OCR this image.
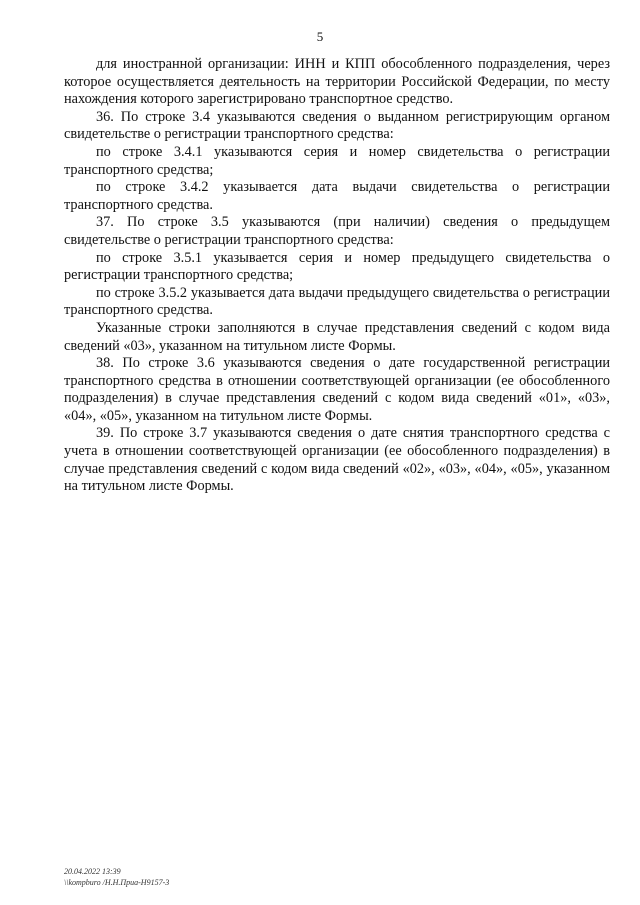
5

для иностранной организации: ИНН и КПП обособленного подразделения, через которое осуществляется деятельность на территории Российской Федерации, по месту нахождения которого зарегистрировано транспортное средство.

36. По строке 3.4 указываются сведения о выданном регистрирующим органом свидетельстве о регистрации транспортного средства:

по строке 3.4.1 указываются серия и номер свидетельства о регистрации транспортного средства;

по строке 3.4.2 указывается дата выдачи свидетельства о регистрации транспортного средства.

37. По строке 3.5 указываются (при наличии) сведения о предыдущем свидетельстве о регистрации транспортного средства:

по строке 3.5.1 указывается серия и номер предыдущего свидетельства о регистрации транспортного средства;

по строке 3.5.2 указывается дата выдачи предыдущего свидетельства о регистрации транспортного средства.

Указанные строки заполняются в случае представления сведений с кодом вида сведений «03», указанном на титульном листе Формы.

38. По строке 3.6 указываются сведения о дате государственной регистрации транспортного средства в отношении соответствующей организации (ее обособленного подразделения) в случае представления сведений с кодом вида сведений «01», «03», «04», «05», указанном на титульном листе Формы.

39. По строке 3.7 указываются сведения о дате снятия транспортного средства с учета в отношении соответствующей организации (ее обособленного подразделения) в случае представления сведений с кодом вида сведений «02», «03», «04», «05», указанном на титульном листе Формы.

20.04.2022 13:39
\\kompburo /Н.Н.Приа-Н9157-3
